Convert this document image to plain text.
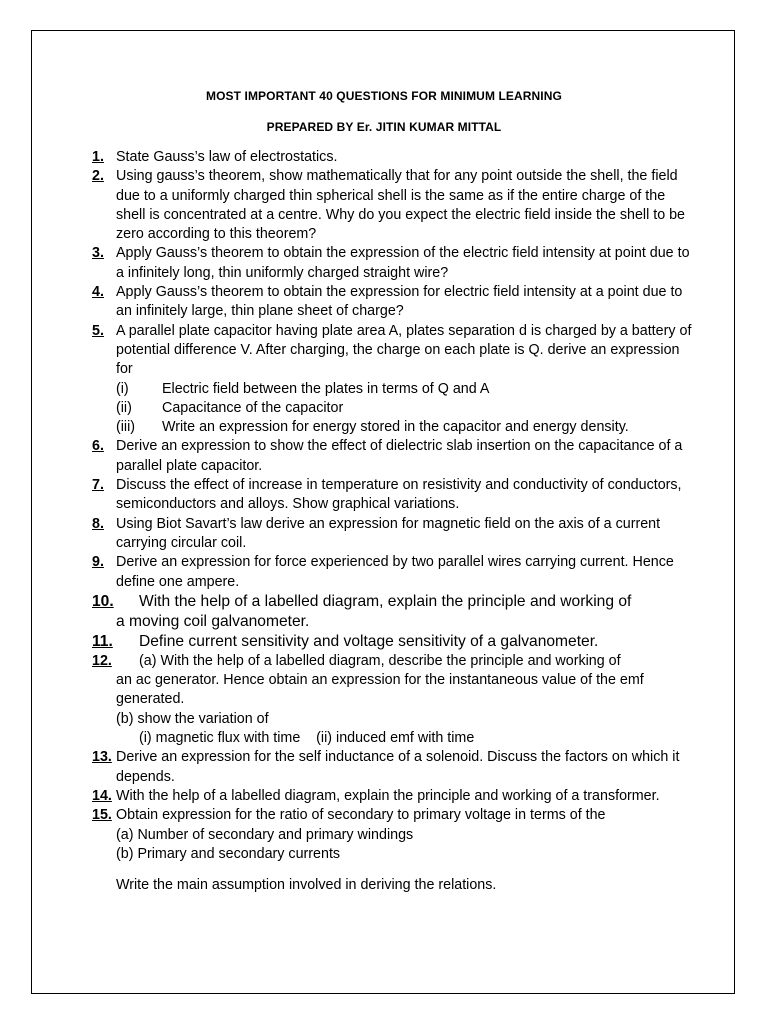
MOST IMPORTANT 40 QUESTIONS FOR MINIMUM LEARNING
PREPARED BY Er. JITIN KUMAR MITTAL
1. State Gauss’s law of electrostatics.
2. Using gauss’s theorem, show mathematically that for any point outside the shell, the field due to a uniformly charged thin spherical shell is the same as if the entire charge of the shell is concentrated at a centre. Why do you expect the electric field inside the shell to be zero according to this theorem?
3. Apply Gauss’s theorem to obtain the expression of the electric field intensity at point due to a infinitely long, thin uniformly charged straight wire?
4. Apply Gauss’s theorem to obtain the expression for electric field intensity at a point due to an infinitely large, thin plane sheet of charge?
5. A parallel plate capacitor having plate area A, plates separation d is charged by a battery of potential difference V. After charging, the charge on each plate is Q. derive an expression for
(i)	Electric field between the plates in terms of Q and A
(ii)	Capacitance of the capacitor
(iii)	Write an expression for energy stored in the capacitor and energy density.
6. Derive an expression to show the effect of dielectric slab insertion on the capacitance of a parallel plate capacitor.
7. Discuss the effect of increase in temperature on resistivity and conductivity of conductors, semiconductors and alloys. Show graphical variations.
8. Using Biot Savart’s law derive an expression for magnetic field on the axis of a current carrying circular coil.
9. Derive an expression for force experienced by two parallel wires carrying current. Hence define one ampere.
10.	With the help of a labelled diagram, explain the principle and working of
a moving coil galvanometer.
11.	Define current sensitivity and voltage sensitivity of a galvanometer.
12.	(a) With the help of a labelled diagram, describe the principle and working of
an ac generator. Hence obtain an expression for the instantaneous value of the emf generated.
(b) show the variation of
(i) magnetic flux with time    (ii) induced emf with time
13. Derive an expression for the self inductance of a solenoid. Discuss the factors on which it depends.
14. With the help of a labelled diagram, explain the principle and working of a transformer.
15. Obtain expression for the ratio of secondary to primary voltage in terms of the
(a) Number of secondary and primary windings
(b) Primary and secondary currents
Write the main assumption involved in deriving the relations.
